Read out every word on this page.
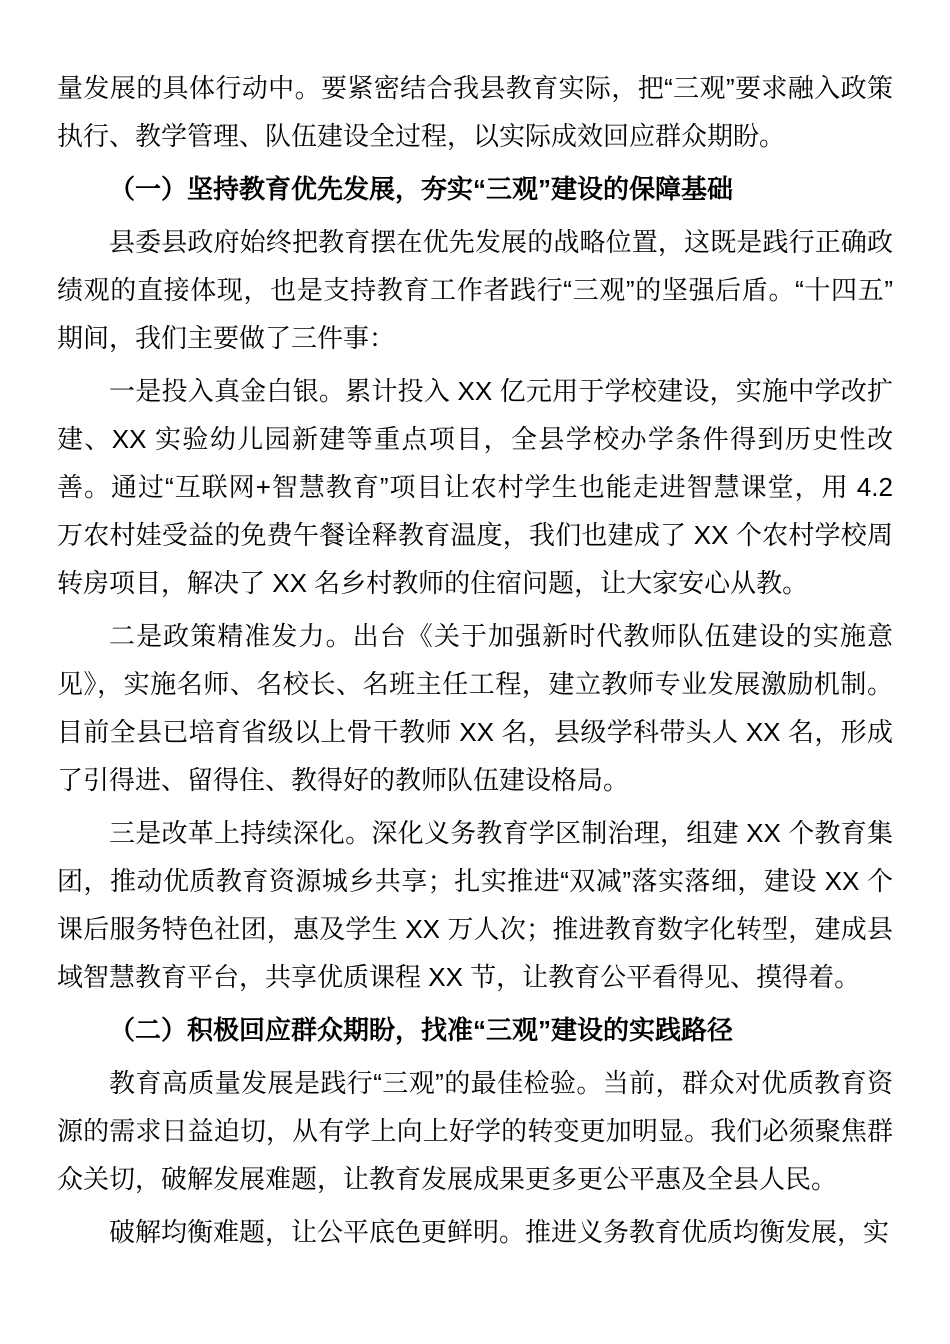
量发展的具体行动中。要紧密结合我县教育实际，把“三观”要求融入政策执行、教学管理、队伍建设全过程，以实际成效回应群众期盼。

（一）坚持教育优先发展，夯实“三观”建设的保障基础

县委县政府始终把教育摆在优先发展的战略位置，这既是践行正确政绩观的直接体现，也是支持教育工作者践行“三观”的坚强后盾。“十四五”期间，我们主要做了三件事：

一是投入真金白银。累计投入 XX 亿元用于学校建设，实施中学改扩建、XX 实验幼儿园新建等重点项目，全县学校办学条件得到历史性改善。通过“互联网+智慧教育”项目让农村学生也能走进智慧课堂，用 4.2 万农村娃受益的免费午餐诠释教育温度，我们也建成了 XX 个农村学校周转房项目，解决了 XX 名乡村教师的住宿问题，让大家安心从教。

二是政策精准发力。出台《关于加强新时代教师队伍建设的实施意见》，实施名师、名校长、名班主任工程，建立教师专业发展激励机制。目前全县已培育省级以上骨干教师 XX 名，县级学科带头人 XX 名，形成了引得进、留得住、教得好的教师队伍建设格局。

三是改革上持续深化。深化义务教育学区制治理，组建 XX 个教育集团，推动优质教育资源城乡共享；扎实推进“双减”落实落细，建设 XX 个课后服务特色社团，惠及学生 XX 万人次；推进教育数字化转型，建成县域智慧教育平台，共享优质课程 XX 节，让教育公平看得见、摸得着。

（二）积极回应群众期盼，找准“三观”建设的实践路径

教育高质量发展是践行“三观”的最佳检验。当前，群众对优质教育资源的需求日益迫切，从有学上向上好学的转变更加明显。我们必须聚焦群众关切，破解发展难题，让教育发展成果更多更公平惠及全县人民。

破解均衡难题，让公平底色更鲜明。推进义务教育优质均衡发展，实
